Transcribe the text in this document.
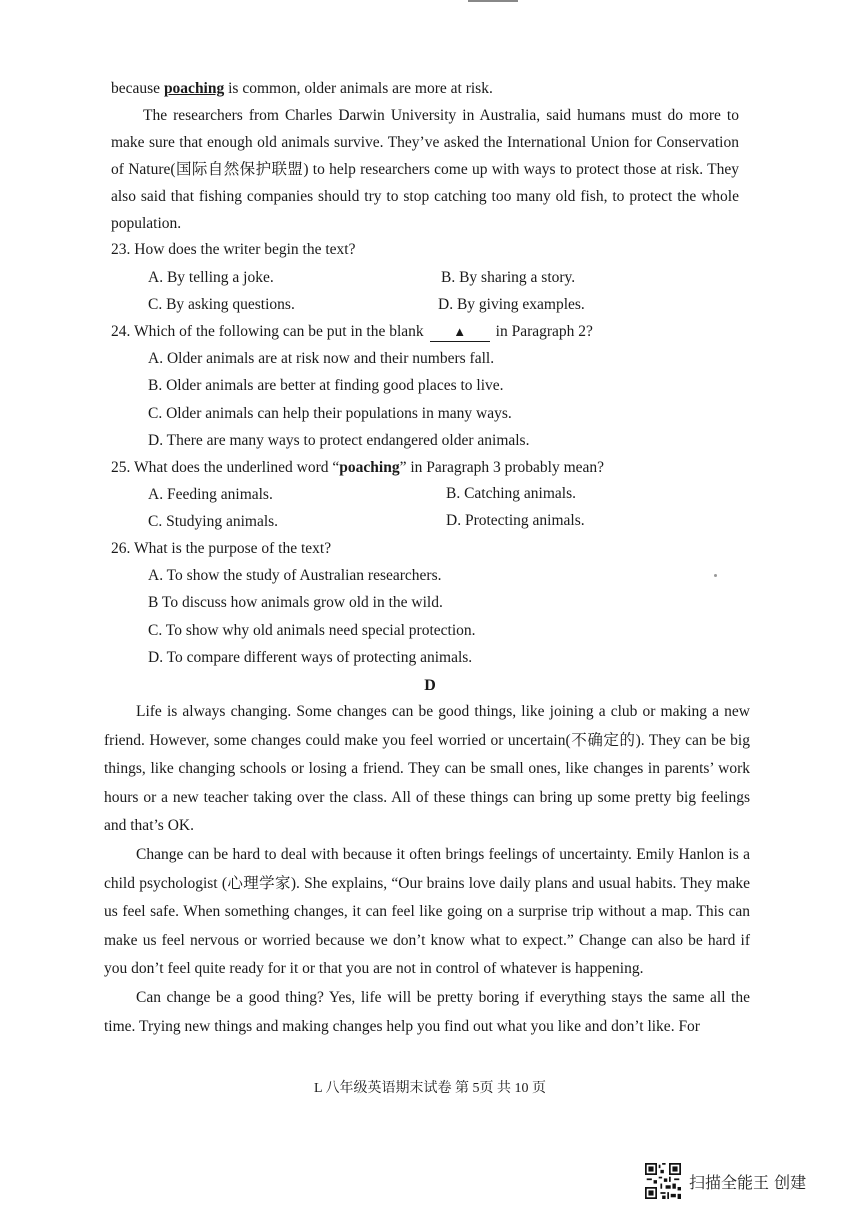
because poaching is common, older animals are more at risk.

The researchers from Charles Darwin University in Australia, said humans must do more to make sure that enough old animals survive. They’ve asked the International Union for Conservation of Nature(国际自然保护联盟) to help researchers come up with ways to protect those at risk. They also said that fishing companies should try to stop catching too many old fish, to protect the whole population.

23. How does the writer begin the text?
A. By telling a joke.	B. By sharing a story.
C. By asking questions.	D. By giving examples.
24. Which of the following can be put in the blank ▲ in Paragraph 2?
A. Older animals are at risk now and their numbers fall.
B. Older animals are better at finding good places to live.
C. Older animals can help their populations in many ways.
D. There are many ways to protect endangered older animals.
25. What does the underlined word “poaching” in Paragraph 3 probably mean?
A. Feeding animals.	B. Catching animals.
C. Studying animals.	D. Protecting animals.
26. What is the purpose of the text?
A. To show the study of Australian researchers.
B To discuss how animals grow old in the wild.
C. To show why old animals need special protection.
D. To compare different ways of protecting animals.
D

Life is always changing. Some changes can be good things, like joining a club or making a new friend. However, some changes could make you feel worried or uncertain(不确定的). They can be big things, like changing schools or losing a friend. They can be small ones, like changes in parents’ work hours or a new teacher taking over the class. All of these things can bring up some pretty big feelings and that’s OK.

Change can be hard to deal with because it often brings feelings of uncertainty. Emily Hanlon is a child psychologist (心理学家). She explains, “Our brains love daily plans and usual habits. They make us feel safe. When something changes, it can feel like going on a surprise trip without a map. This can make us feel nervous or worried because we don’t know what to expect.” Change can also be hard if you don’t feel quite ready for it or that you are not in control of whatever is happening.

Can change be a good thing? Yes, life will be pretty boring if everything stays the same all the time. Trying new things and making changes help you find out what you like and don’t like. For

L 八年级英语期末试卷 第 5页 共 10 页
扫描全能王 创建
